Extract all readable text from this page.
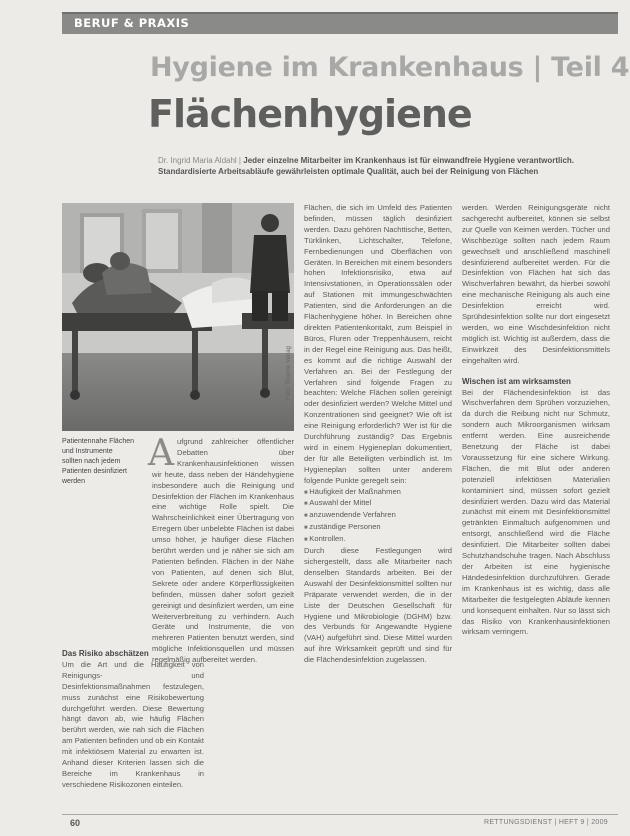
BERUF & PRAXIS
Hygiene im Krankenhaus | Teil 4
Flächenhygiene
Dr. Ingrid Maria Aldahl | Jeder einzelne Mitarbeiter im Krankenhaus ist für einwandfreie Hygiene verantwortlich. Standardisierte Arbeitsabläufe gewährleisten optimale Qualität, auch bei der Reinigung von Flächen
Foto: Thieme Verlag
Patientennahe Flächen und Instrumente sollten nach jedem Patienten desinfiziert werden

Aufgrund zahlreicher öffentlicher Debatten über Krankenhausinfektionen wissen wir heute, dass neben der Händehygiene insbesondere auch die Reinigung und Desinfektion der Flächen im Krankenhaus eine wichtige Rolle spielt. Die Wahrscheinlichkeit einer Übertragung von Erregern über unbelebte Flächen ist dabei umso höher, je häufiger diese Flächen berührt werden und je näher sie sich am Patienten befinden. Flächen in der Nähe von Patienten, auf denen sich Blut, Sekrete oder andere Körperflüssigkeiten befinden, müssen daher sofort gezielt gereinigt und desinfiziert werden, um eine Weiterverbreitung zu verhindern. Auch Geräte und Instrumente, die von mehreren Patienten benutzt werden, sind mögliche Infektionsquellen und müssen regelmäßig aufbereitet werden.

Das Risiko abschätzen

Um die Art und die Häufigkeit von Reinigungs- und Desinfektionsmaßnahmen festzulegen, muss zunächst eine Risikobewertung durchgeführt werden. Diese Bewertung hängt davon ab, wie häufig Flächen berührt werden, wie nah sich die Flächen am Patienten befinden und ob ein Kontakt mit infektiösem Material zu erwarten ist. Anhand dieser Kriterien lassen sich die Bereiche im Krankenhaus in verschiedene Risikozonen einteilen.

Flächen, die sich im Umfeld des Patienten befinden, müssen täglich desinfiziert werden. Dazu gehören Nachttische, Betten, Türklinken, Lichtschalter, Telefone, Fernbedienungen und Oberflächen von Geräten. In Bereichen mit einem besonders hohen Infektionsrisiko, etwa auf Intensivstationen, in Operationssälen oder auf Stationen mit immungeschwächten Patienten, sind die Anforderungen an die Flächenhygiene höher. In Bereichen ohne direkten Patientenkontakt, zum Beispiel in Büros, Fluren oder Treppenhäusern, reicht in der Regel eine Reinigung aus. Das heißt, es kommt auf die richtige Auswahl der Verfahren an. Bei der Festlegung der Verfahren sind folgende Fragen zu beachten: Welche Flächen sollen gereinigt oder desinfiziert werden? Welche Mittel und Konzentrationen sind geeignet? Wie oft ist eine Reinigung erforderlich? Wer ist für die Durchführung zuständig? Das Ergebnis wird in einem Hygieneplan dokumentiert, der für alle Beteiligten verbindlich ist. Im Hygieneplan sollten unter anderem folgende Punkte geregelt sein:

■ Häufigkeit der Maßnahmen
■ Auswahl der Mittel
■ anzuwendende Verfahren
■ zuständige Personen
■ Kontrollen.

Durch diese Festlegungen wird sichergestellt, dass alle Mitarbeiter nach denselben Standards arbeiten. Bei der Auswahl der Desinfektionsmittel sollten nur Präparate verwendet werden, die in der Liste der Deutschen Gesellschaft für Hygiene und Mikrobiologie (DGHM) bzw. des Verbunds für Angewandte Hygiene (VAH) aufgeführt sind. Diese Mittel wurden auf ihre Wirksamkeit geprüft und sind für die Flächendesinfektion zugelassen.

werden. Werden Reinigungsgeräte nicht sachgerecht aufbereitet, können sie selbst zur Quelle von Keimen werden. Tücher und Wischbezüge sollten nach jedem Raum gewechselt und anschließend maschinell desinfizierend aufbereitet werden. Für die Desinfektion von Flächen hat sich das Wischverfahren bewährt, da hierbei sowohl eine mechanische Reinigung als auch eine Desinfektion erreicht wird. Sprühdesinfektion sollte nur dort eingesetzt werden, wo eine Wischdesinfektion nicht möglich ist. Wichtig ist außerdem, dass die Einwirkzeit des Desinfektionsmittels eingehalten wird.

Wischen ist am wirksamsten

Bei der Flächendesinfektion ist das Wischverfahren dem Sprühen vorzuziehen, da durch die Reibung nicht nur Schmutz, sondern auch Mikroorganismen wirksam entfernt werden. Eine ausreichende Benetzung der Fläche ist dabei Voraussetzung für eine sichere Wirkung. Flächen, die mit Blut oder anderen potenziell infektiösen Materialien kontaminiert sind, müssen sofort gezielt desinfiziert werden. Dazu wird das Material zunächst mit einem mit Desinfektionsmittel getränkten Einmaltuch aufgenommen und entsorgt, anschließend wird die Fläche desinfiziert. Die Mitarbeiter sollten dabei Schutzhandschuhe tragen. Nach Abschluss der Arbeiten ist eine hygienische Händedesinfektion durchzuführen. Gerade im Krankenhaus ist es wichtig, dass alle Mitarbeiter die festgelegten Abläufe kennen und konsequent einhalten. Nur so lässt sich das Risiko von Krankenhausinfektionen wirksam verringern.

60	RETTUNGSDIENST | HEFT 9 | 2009
